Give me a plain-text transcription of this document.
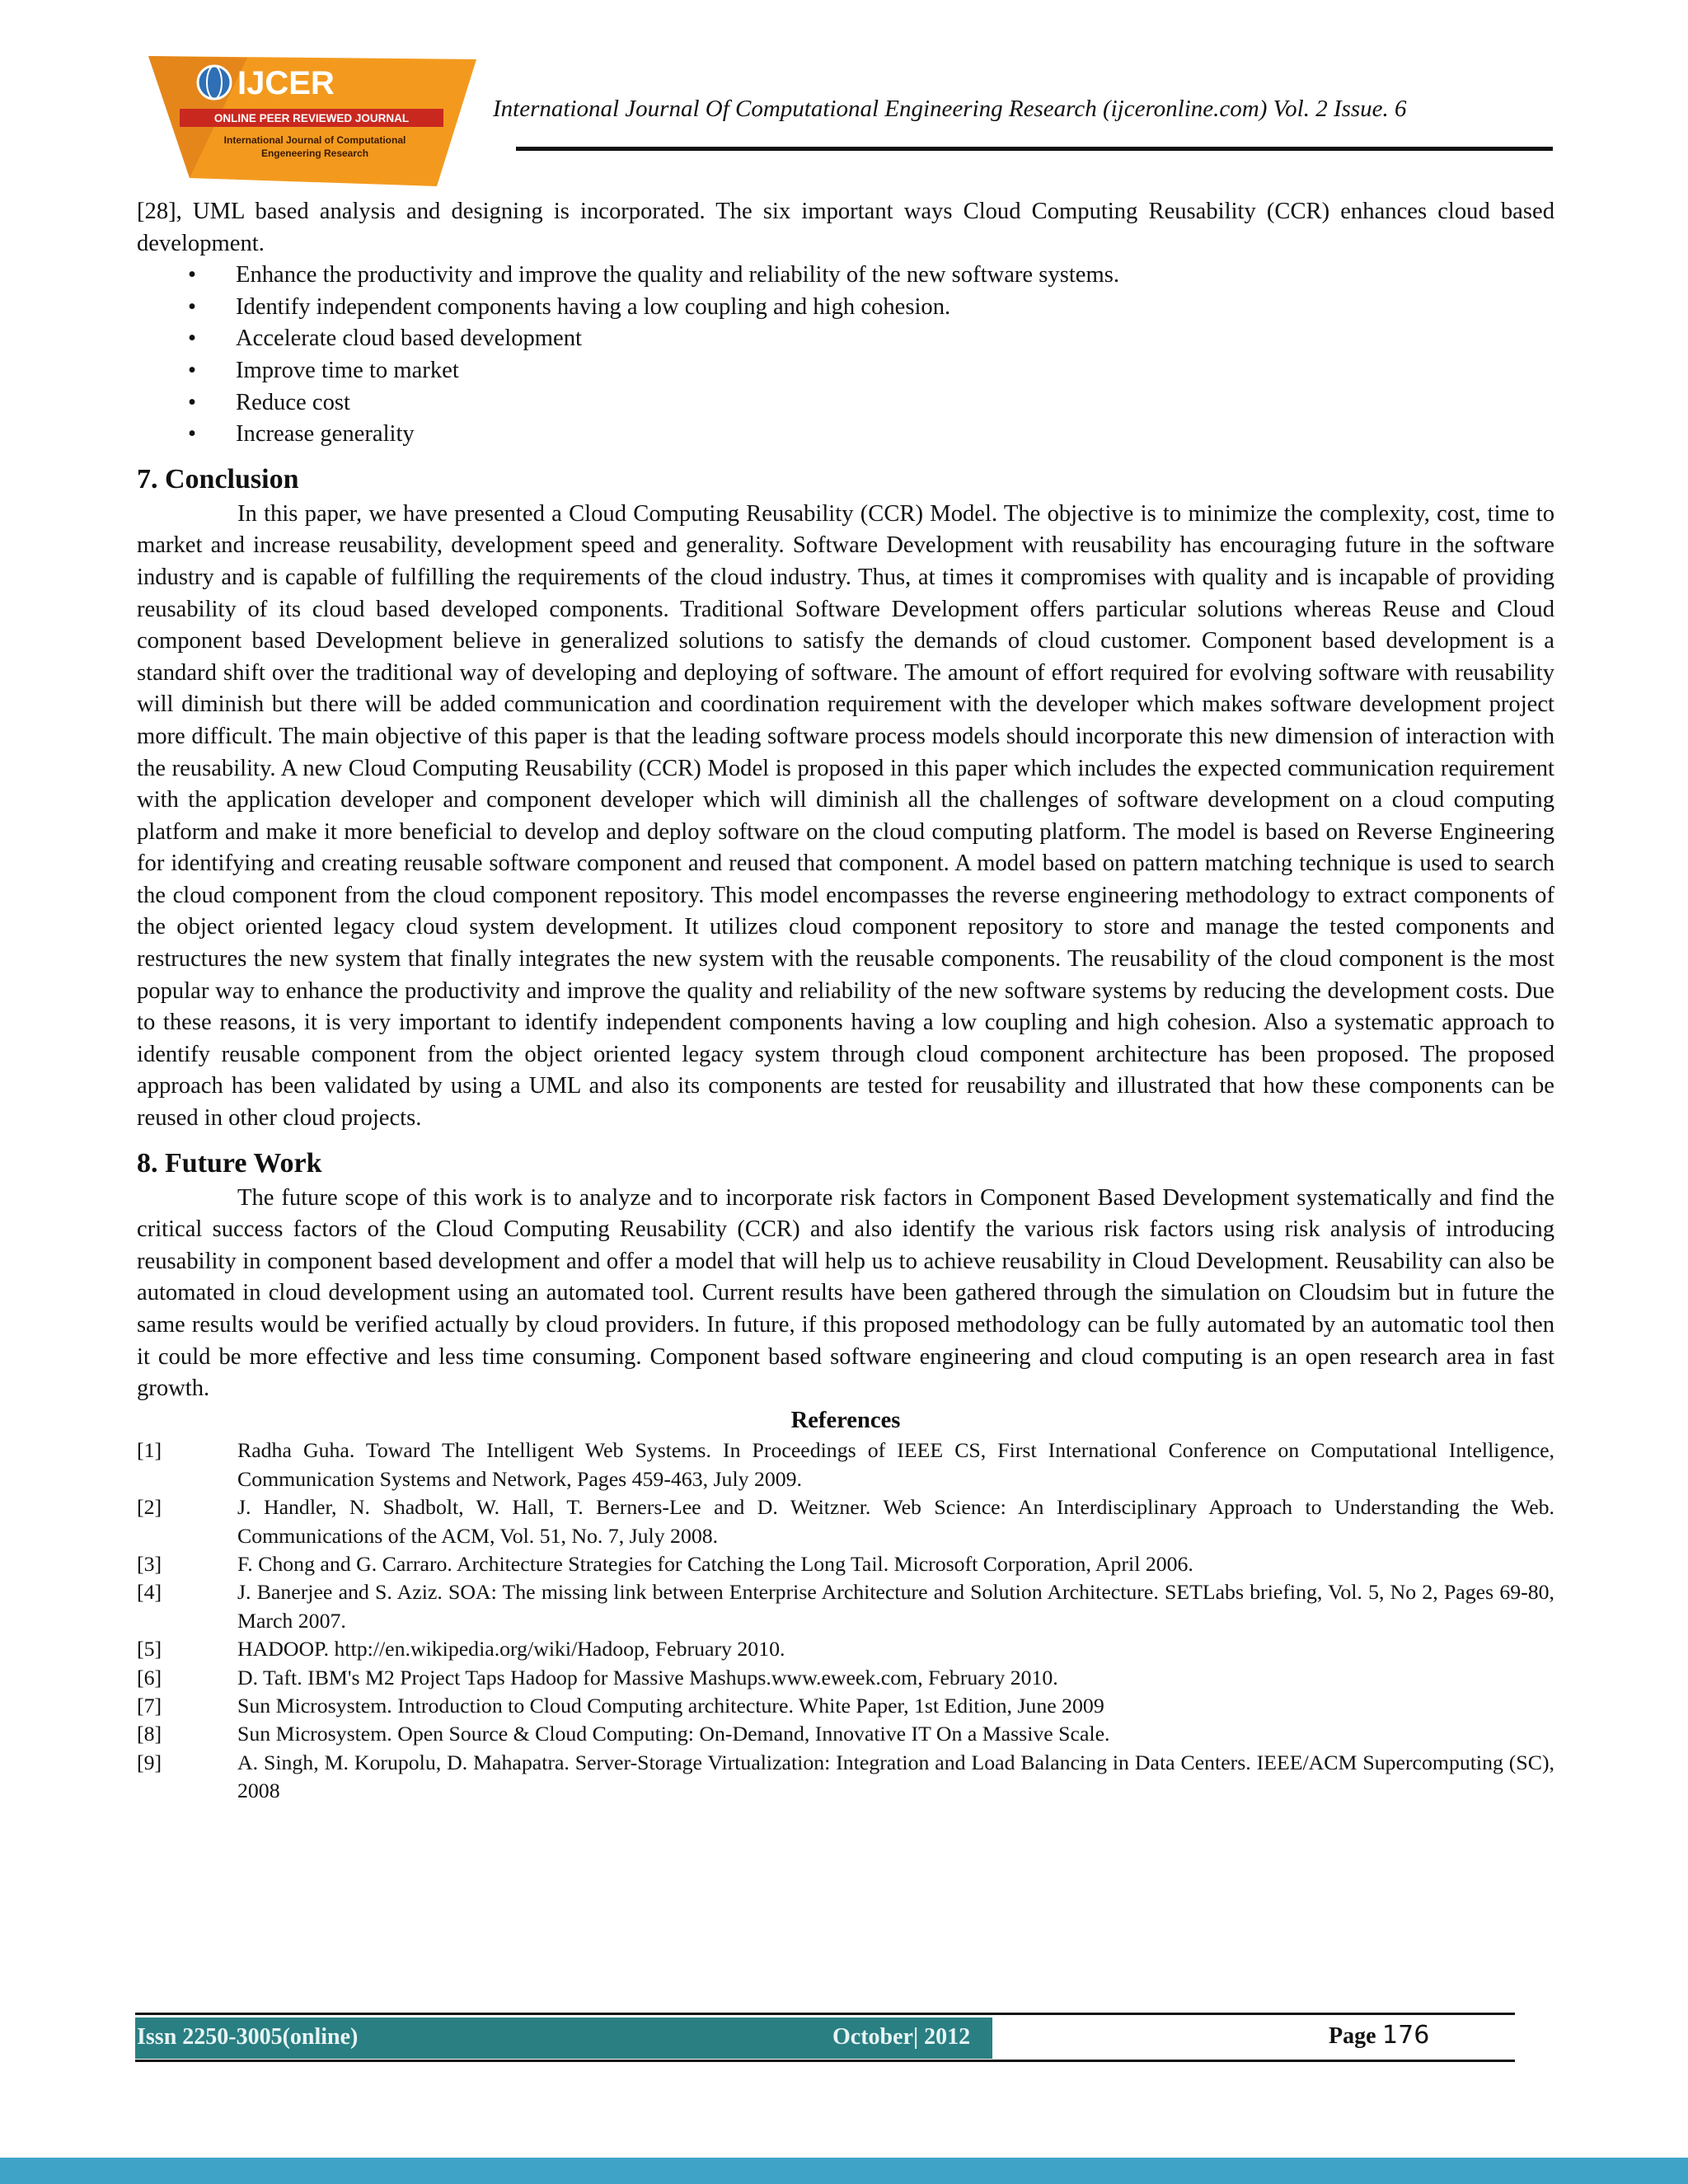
IJCER
ONLINE PEER REVIEWED JOURNAL
International Journal of Computational
Engeneering Research
International Journal Of Computational Engineering Research (ijceronline.com) Vol. 2 Issue. 6

[28], UML based analysis and designing is incorporated. The six important ways Cloud Computing Reusability (CCR) enhances cloud based development.

• Enhance the productivity and improve the quality and reliability of the new software systems.
• Identify independent components having a low coupling and high cohesion.
• Accelerate cloud based development
• Improve time to market
• Reduce cost
• Increase generality
7. Conclusion

In this paper, we have presented a Cloud Computing Reusability (CCR) Model. The objective is to minimize the complexity, cost, time to market and increase reusability, development speed and generality. Software Development with reusability has encouraging future in the software industry and is capable of fulfilling the requirements of the cloud industry. Thus, at times it compromises with quality and is incapable of providing reusability of its cloud based developed components. Traditional Software Development offers particular solutions whereas Reuse and Cloud component based Development believe in generalized solutions to satisfy the demands of cloud customer. Component based development is a standard shift over the traditional way of developing and deploying of software. The amount of effort required for evolving software with reusability will diminish but there will be added communication and coordination requirement with the developer which makes software development project more difficult. The main objective of this paper is that the leading software process models should incorporate this new dimension of interaction with the reusability. A new Cloud Computing Reusability (CCR) Model is proposed in this paper which includes the expected communication requirement with the application developer and component developer which will diminish all the challenges of software development on a cloud computing platform and make it more beneficial to develop and deploy software on the cloud computing platform. The model is based on Reverse Engineering for identifying and creating reusable software component and reused that component. A model based on pattern matching technique is used to search the cloud component from the cloud component repository. This model encompasses the reverse engineering methodology to extract components of the object oriented legacy cloud system development. It utilizes cloud component repository to store and manage the tested components and restructures the new system that finally integrates the new system with the reusable components. The reusability of the cloud component is the most popular way to enhance the productivity and improve the quality and reliability of the new software systems by reducing the development costs. Due to these reasons, it is very important to identify independent components having a low coupling and high cohesion. Also a systematic approach to identify reusable component from the object oriented legacy system through cloud component architecture has been proposed. The proposed approach has been validated by using a UML and also its components are tested for reusability and illustrated that how these components can be reused in other cloud projects.

8. Future Work

The future scope of this work is to analyze and to incorporate risk factors in Component Based Development systematically and find the critical success factors of the Cloud Computing Reusability (CCR) and also identify the various risk factors using risk analysis of introducing reusability in component based development and offer a model that will help us to achieve reusability in Cloud Development. Reusability can also be automated in cloud development using an automated tool. Current results have been gathered through the simulation on Cloudsim but in future the same results would be verified actually by cloud providers. In future, if this proposed methodology can be fully automated by an automatic tool then it could be more effective and less time consuming. Component based software engineering and cloud computing is an open research area in fast growth.

References

[1]	Radha Guha. Toward The Intelligent Web Systems. In Proceedings of IEEE CS, First International Conference on Computational Intelligence, Communication Systems and Network, Pages 459-463, July 2009.
[2]	J. Handler, N. Shadbolt, W. Hall, T. Berners-Lee and D. Weitzner. Web Science: An Interdisciplinary Approach to Understanding the Web. Communications of the ACM, Vol. 51, No. 7, July 2008.
[3]	F. Chong and G. Carraro. Architecture Strategies for Catching the Long Tail. Microsoft Corporation, April 2006.
[4]	J. Banerjee and S. Aziz. SOA: The missing link between Enterprise Architecture and Solution Architecture. SETLabs briefing, Vol. 5, No 2, Pages 69-80, March 2007.
[5]	HADOOP. http://en.wikipedia.org/wiki/Hadoop, February 2010.
[6]	D. Taft. IBM's M2 Project Taps Hadoop for Massive Mashups.www.eweek.com, February 2010.
[7]	Sun Microsystem. Introduction to Cloud Computing architecture. White Paper, 1st Edition, June 2009
[8]	Sun Microsystem. Open Source & Cloud Computing: On-Demand, Innovative IT On a Massive Scale.
[9]	A. Singh, M. Korupolu, D. Mahapatra. Server-Storage Virtualization: Integration and Load Balancing in Data Centers. IEEE/ACM Supercomputing (SC), 2008
Issn 2250-3005(online)	October| 2012	Page 176
